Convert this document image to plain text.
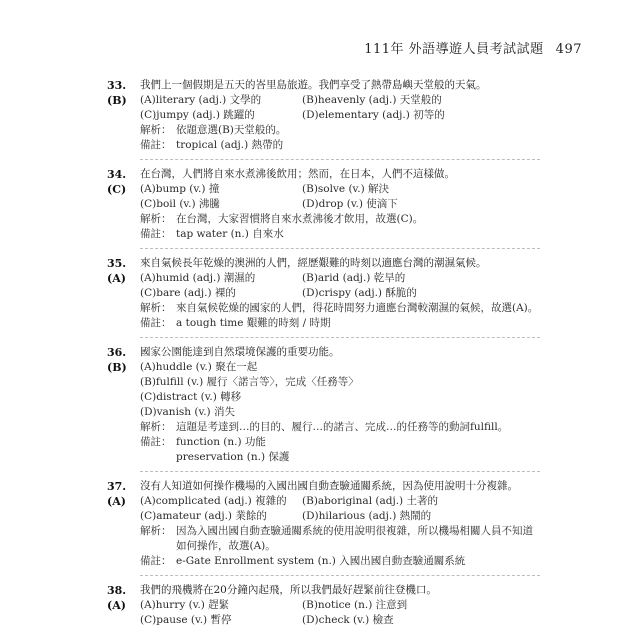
111年 外語導遊人員考試試題 497
33.(B)
我們上一個假期是五天的峇里島旅遊。我們享受了熱帶島嶼天堂般的天氣。
(A)literary (adj.) 文學的	(B)heavenly (adj.) 天堂般的
(C)jumpy (adj.) 跳躍的	(D)elementary (adj.) 初等的
解析： 依題意選(B)天堂般的。
備註： tropical (adj.) 熱帶的
34.(C)
在台灣，人們將自來水煮沸後飲用；然而，在日本，人們不這樣做。
(A)bump (v.) 撞	(B)solve (v.) 解決
(C)boil (v.) 沸騰	(D)drop (v.) 使滴下
解析： 在台灣，大家習慣將自來水煮沸後才飲用，故選(C)。
備註： tap water (n.) 自來水
35.(A)
來自氣候長年乾燥的澳洲的人們，經歷艱難的時刻以適應台灣的潮濕氣候。
(A)humid (adj.) 潮濕的	(B)arid (adj.) 乾旱的
(C)bare (adj.) 裸的	(D)crispy (adj.) 酥脆的
解析： 來自氣候乾燥的國家的人們，得花時間努力適應台灣較潮濕的氣候，故選(A)。
備註： a tough time 艱難的時刻 / 時期
36.(B)
國家公園能達到自然環境保護的重要功能。
(A)huddle (v.) 聚在一起
(B)fulfill (v.) 履行〈諾言等〉，完成〈任務等〉
(C)distract (v.) 轉移
(D)vanish (v.) 消失
解析： 這題是考達到…的目的、履行…的諾言、完成…的任務等的動詞fulfill。
備註： function (n.) 功能
preservation (n.) 保護
37.(A)
沒有人知道如何操作機場的入國出國自動查驗通關系統，因為使用說明十分複雜。
(A)complicated (adj.) 複雜的	(B)aboriginal (adj.) 土著的
(C)amateur (adj.) 業餘的	(D)hilarious (adj.) 熱鬧的
解析： 因為入國出國自動查驗通關系統的使用說明很複雜，所以機場相關人員不知道如何操作，故選(A)。
備註： e-Gate Enrollment system (n.) 入國出國自動查驗通關系統
38.(A)
我們的飛機將在20分鐘內起飛，所以我們最好趕緊前往登機口。
(A)hurry (v.) 趕緊	(B)notice (n.) 注意到
(C)pause (v.) 暫停	(D)check (v.) 檢查
